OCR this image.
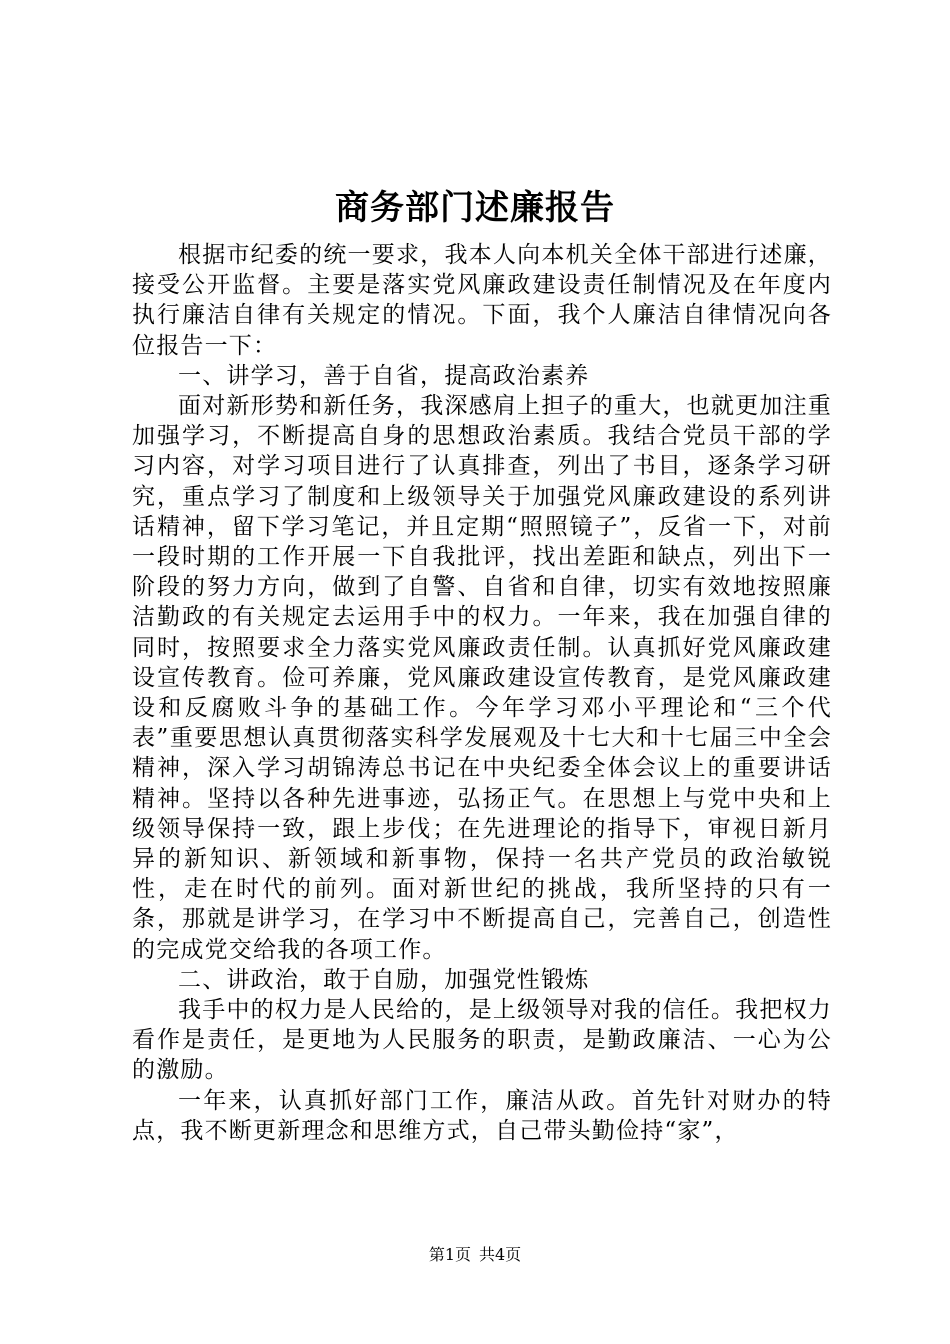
商务部门述廉报告

根据市纪委的统一要求，我本人向本机关全体干部进行述廉，接受公开监督。主要是落实党风廉政建设责任制情况及在年度内执行廉洁自律有关规定的情况。下面，我个人廉洁自律情况向各位报告一下：

一、讲学习，善于自省，提高政治素养

面对新形势和新任务，我深感肩上担子的重大，也就更加注重加强学习，不断提高自身的思想政治素质。我结合党员干部的学习内容，对学习项目进行了认真排查，列出了书目，逐条学习研究，重点学习了制度和上级领导关于加强党风廉政建设的系列讲话精神，留下学习笔记，并且定期“照照镜子”，反省一下，对前一段时期的工作开展一下自我批评，找出差距和缺点，列出下一阶段的努力方向，做到了自警、自省和自律，切实有效地按照廉洁勤政的有关规定去运用手中的权力。一年来，我在加强自律的同时，按照要求全力落实党风廉政责任制。认真抓好党风廉政建设宣传教育。俭可养廉，党风廉政建设宣传教育，是党风廉政建设和反腐败斗争的基础工作。今年学习邓小平理论和“三个代表”重要思想认真贯彻落实科学发展观及十七大和十七届三中全会精神，深入学习胡锦涛总书记在中央纪委全体会议上的重要讲话精神。坚持以各种先进事迹，弘扬正气。在思想上与党中央和上级领导保持一致，跟上步伐；在先进理论的指导下，审视日新月异的新知识、新领域和新事物，保持一名共产党员的政治敏锐性，走在时代的前列。面对新世纪的挑战，我所坚持的只有一条，那就是讲学习，在学习中不断提高自己，完善自己，创造性的完成党交给我的各项工作。

二、讲政治，敢于自励，加强党性锻炼

我手中的权力是人民给的，是上级领导对我的信任。我把权力看作是责任，是更地为人民服务的职责，是勤政廉洁、一心为公的激励。

一年来，认真抓好部门工作，廉洁从政。首先针对财办的特点，我不断更新理念和思维方式，自己带头勤俭持“家”，

第1页 共4页
